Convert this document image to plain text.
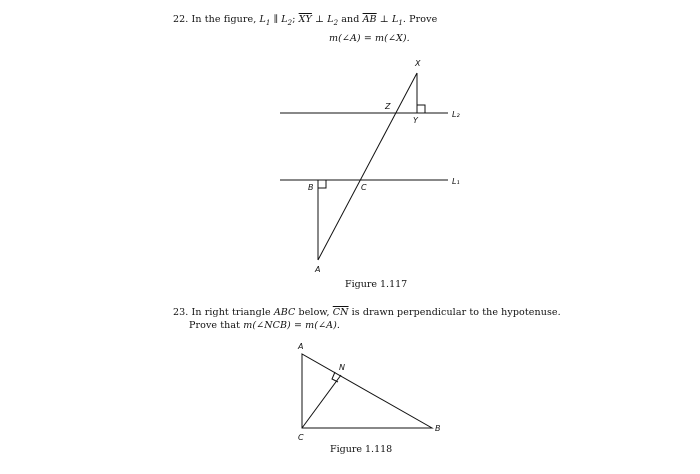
22. In the figure, $L_1$ ∥ $L_2$; $\overline{XY}$ ⊥ $L_2$ and $\overline{AB}$ ⊥ $L_1$. Prove
m(∠A) = m(∠X).
X
Z
Y
L₂
B	C
L₁
A
A
N
B
C
Figure 1.117
23. In right triangle ABC below, $\overline{CN}$ is drawn perpendicular to the hypotenuse.
Prove that m(∠NCB) = m(∠A).
Figure 1.118
